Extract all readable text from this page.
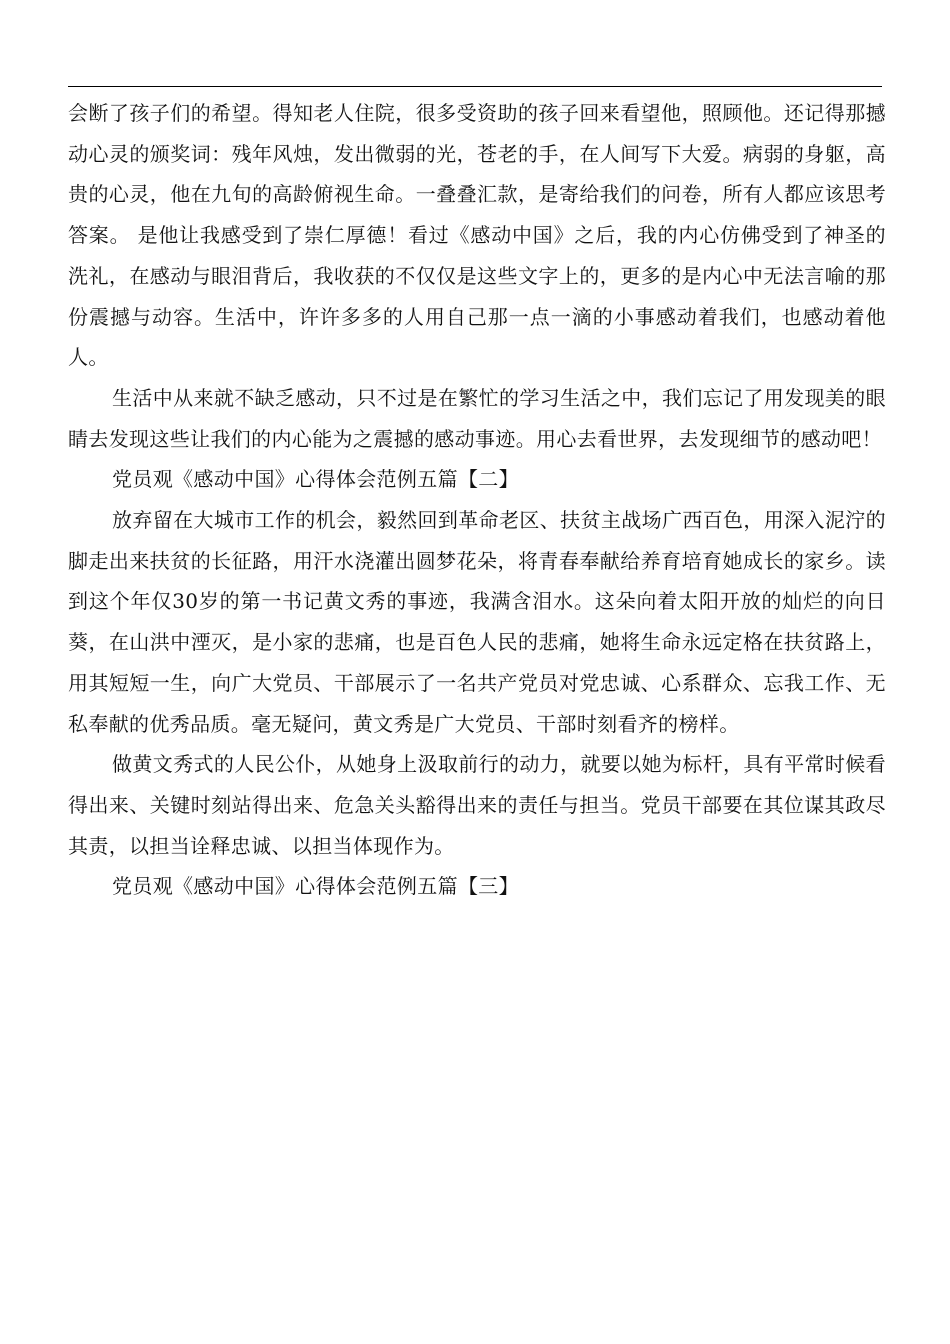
会断了孩子们的希望。得知老人住院，很多受资助的孩子回来看望他，照顾他。还记得那撼动心灵的颁奖词：残年风烛，发出微弱的光，苍老的手，在人间写下大爱。病弱的身躯，高贵的心灵，他在九旬的高龄俯视生命。一叠叠汇款，是寄给我们的问卷，所有人都应该思考答案。 是他让我感受到了崇仁厚德！看过《感动中国》之后，我的内心仿佛受到了神圣的洗礼，在感动与眼泪背后，我收获的不仅仅是这些文字上的，更多的是内心中无法言喻的那份震撼与动容。生活中，许许多多的人用自己那一点一滴的小事感动着我们，也感动着他人。

生活中从来就不缺乏感动，只不过是在繁忙的学习生活之中，我们忘记了用发现美的眼睛去发现这些让我们的内心能为之震撼的感动事迹。用心去看世界，去发现细节的感动吧！

党员观《感动中国》心得体会范例五篇【二】

放弃留在大城市工作的机会，毅然回到革命老区、扶贫主战场广西百色，用深入泥泞的脚走出来扶贫的长征路，用汗水浇灌出圆梦花朵，将青春奉献给养育培育她成长的家乡。读到这个年仅30岁的第一书记黄文秀的事迹，我满含泪水。这朵向着太阳开放的灿烂的向日葵，在山洪中湮灭，是小家的悲痛，也是百色人民的悲痛，她将生命永远定格在扶贫路上，用其短短一生，向广大党员、干部展示了一名共产党员对党忠诚、心系群众、忘我工作、无私奉献的优秀品质。毫无疑问，黄文秀是广大党员、干部时刻看齐的榜样。

做黄文秀式的人民公仆，从她身上汲取前行的动力，就要以她为标杆，具有平常时候看得出来、关键时刻站得出来、危急关头豁得出来的责任与担当。党员干部要在其位谋其政尽其责，以担当诠释忠诚、以担当体现作为。

党员观《感动中国》心得体会范例五篇【三】
